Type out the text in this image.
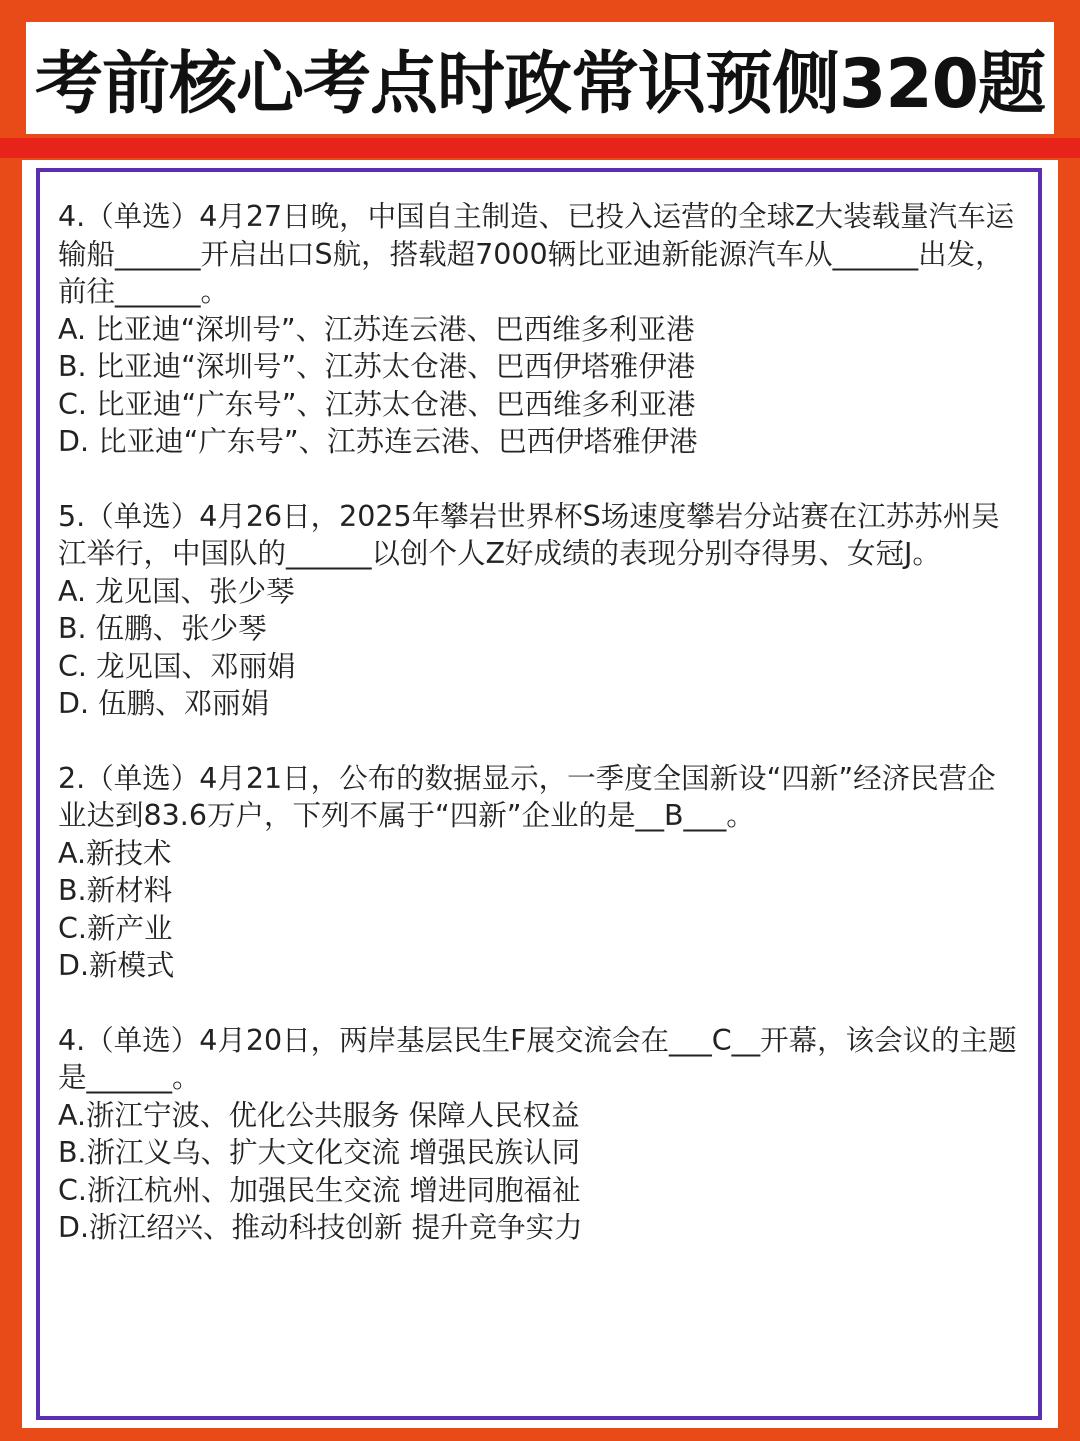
考前核心考点时政常识预侧320题

4.（单选）4月27日晚，中国自主制造、已投入运营的全球Z大装载量汽车运输船______开启出口S航，搭载超7000辆比亚迪新能源汽车从______出发，前往______。

A. 比亚迪“深圳号”、江苏连云港、巴西维多利亚港

B. 比亚迪“深圳号”、江苏太仓港、巴西伊塔雅伊港

C. 比亚迪“广东号”、江苏太仓港、巴西维多利亚港

D. 比亚迪“广东号”、江苏连云港、巴西伊塔雅伊港

5.（单选）4月26日，2025年攀岩世界杯S场速度攀岩分站赛在江苏苏州吴江举行，中国队的______以创个人Z好成绩的表现分别夺得男、女冠J。

A. 龙见国、张少琴

B. 伍鹏、张少琴

C. 龙见国、邓丽娟

D. 伍鹏、邓丽娟

2.（单选）4月21日，公布的数据显示，一季度全国新设“四新”经济民营企业达到83.6万户，下列不属于“四新”企业的是__B___。

A.新技术

B.新材料

C.新产业

D.新模式

4.（单选）4月20日，两岸基层民生F展交流会在___C__开幕，该会议的主题是______。

A.浙江宁波、优化公共服务 保障人民权益

B.浙江义乌、扩大文化交流 增强民族认同

C.浙江杭州、加强民生交流 增进同胞福祉

D.浙江绍兴、推动科技创新 提升竞争实力
